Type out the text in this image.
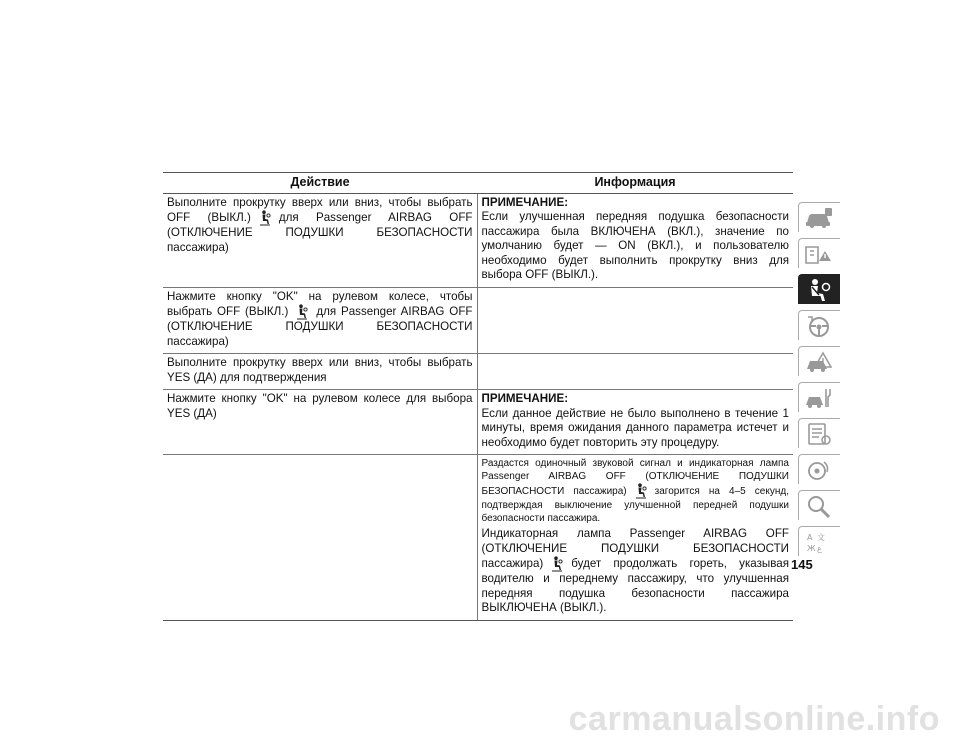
Действие	Информация
Выполните прокрутку вверх или вниз, чтобы выбрать OFF (ВЫКЛ.) для Passenger AIRBAG OFF (ОТКЛЮЧЕНИЕ ПОДУШКИ БЕЗОПАСНОСТИ пассажира)	ПРИМЕЧАНИЕ:
Если улучшенная передняя подушка безопасности пассажира была ВКЛЮЧЕНА (ВКЛ.), значение по умолчанию будет — ON (ВКЛ.), и пользователю необходимо будет выполнить прокрутку вниз для выбора OFF (ВЫКЛ.).
Нажмите кнопку "OK" на рулевом колесе, чтобы выбрать OFF (ВЫКЛ.) для Passenger AIRBAG OFF (ОТКЛЮЧЕНИЕ ПОДУШКИ БЕЗОПАСНОСТИ пассажира)	
Выполните прокрутку вверх или вниз, чтобы выбрать YES (ДА) для подтверждения	
Нажмите кнопку "OK" на рулевом колесе для выбора YES (ДА)	ПРИМЕЧАНИЕ:
Если данное действие не было выполнено в течение 1 минуты, время ожидания данного параметра истечет и необходимо будет повторить эту процедуру.

	Раздастся одиночный звуковой сигнал и индикаторная лампа Passenger AIRBAG OFF (ОТКЛЮЧЕНИЕ ПОДУШКИ БЕЗОПАСНОСТИ пассажира) загорится на 4–5 секунд, подтверждая выключение улучшенной передней подушки безопасности пассажира.
Индикаторная лампа Passenger AIRBAG OFF (ОТКЛЮЧЕНИЕ ПОДУШКИ БЕЗОПАСНОСТИ пассажира) будет продолжать гореть, указывая водителю и переднему пассажиру, что улучшенная передняя подушка безопасности пассажира ВЫКЛЮЧЕНА (ВЫКЛ.).
A 文
Ж ع
145
carmanualsonline.info
